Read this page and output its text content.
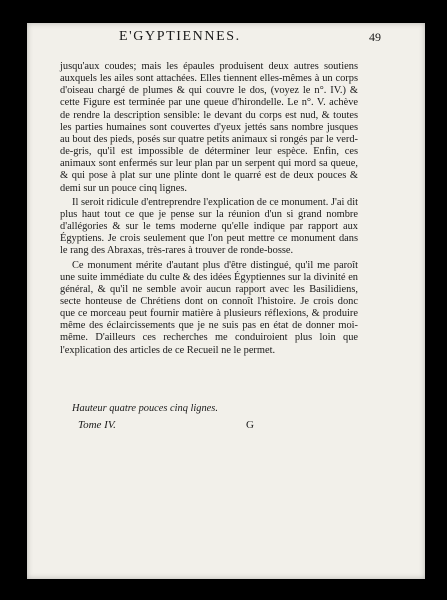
E'GYPTIENNES.	49

jusqu'aux coudes; mais les épaules produisent deux autres soutiens auxquels les ailes sont attachées. Elles tiennent elles-mêmes à un corps d'oiseau chargé de plumes & qui couvre le dos, (voyez le n°. IV.) & cette Figure est terminée par une queue d'hirondelle. Le n°. V. achève de rendre la description sensible: le devant du corps est nud, & toutes les parties humaines sont couvertes d'yeux jettés sans nombre jusques au bout des pieds, posés sur quatre petits animaux si rongés par le verd-de-gris, qu'il est impossible de déterminer leur espèce. Enfin, ces animaux sont enfermés sur leur plan par un serpent qui mord sa queue, & qui pose à plat sur une plinte dont le quarré est de deux pouces & demi sur un pouce cinq lignes.

Il seroit ridicule d'entreprendre l'explication de ce monument. J'ai dit plus haut tout ce que je pense sur la réunion d'un si grand nombre d'allégories & sur le tems moderne qu'elle indique par rapport aux Égyptiens. Je crois seulement que l'on peut mettre ce monument dans le rang des Abraxas, très-rares à trouver de ronde-bosse.

Ce monument mérite d'autant plus d'être distingué, qu'il me paroît une suite immédiate du culte & des idées Égyptiennes sur la divinité en général, & qu'il ne semble avoir aucun rapport avec les Basilidiens, secte honteuse de Chrétiens dont on connoît l'histoire. Je crois donc que ce morceau peut fournir matière à plusieurs réflexions, & produire même des éclaircissements que je ne suis pas en état de donner moi-même. D'ailleurs ces recherches me conduiroient plus loin que l'explication des articles de ce Recueil ne le permet.

Hauteur quatre pouces cinq lignes.
Tome IV.	G
